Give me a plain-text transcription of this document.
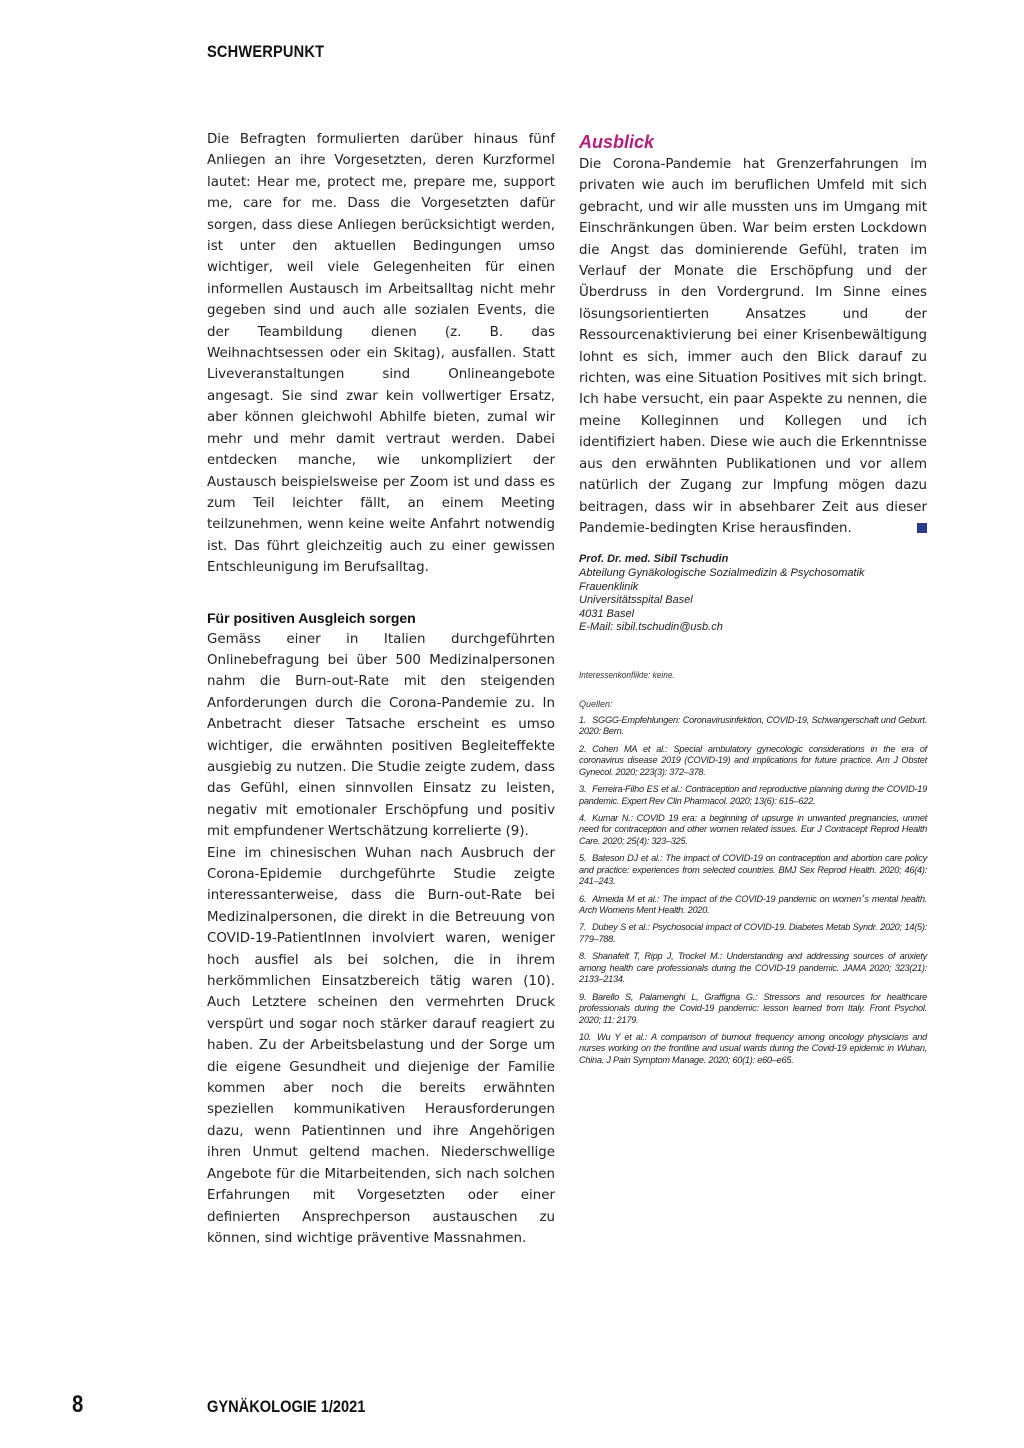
SCHWERPUNKT

Die Befragten formulierten darüber hinaus fünf Anliegen an ihre Vorgesetzten, deren Kurzformel lautet: Hear me, protect me, prepare me, support me, care for me. Dass die Vorgesetzten dafür sorgen, dass diese Anliegen berücksichtigt werden, ist unter den aktuellen Bedingungen umso wichtiger, weil viele Gelegenheiten für einen informellen Austausch im Arbeitsalltag nicht mehr gegeben sind und auch alle sozialen Events, die der Teambildung dienen (z. B. das Weihnachtsessen oder ein Skitag), ausfallen. Statt Liveveranstaltungen sind Onlineangebote angesagt. Sie sind zwar kein vollwertiger Ersatz, aber können gleichwohl Abhilfe bieten, zumal wir mehr und mehr damit vertraut werden. Dabei entdecken manche, wie unkompliziert der Austausch beispielsweise per Zoom ist und dass es zum Teil leichter fällt, an einem Meeting teilzunehmen, wenn keine weite Anfahrt notwendig ist. Das führt gleichzeitig auch zu einer gewissen Entschleunigung im Berufsalltag.

Für positiven Ausgleich sorgen

Gemäss einer in Italien durchgeführten Onlinebefragung bei über 500 Medizinalpersonen nahm die Burn-out-Rate mit den steigenden Anforderungen durch die Corona-Pandemie zu. In Anbetracht dieser Tatsache erscheint es umso wichtiger, die erwähnten positiven Begleiteffekte ausgiebig zu nutzen. Die Studie zeigte zudem, dass das Gefühl, einen sinnvollen Einsatz zu leisten, negativ mit emotionaler Erschöpfung und positiv mit empfundener Wertschätzung korrelierte (9).

Eine im chinesischen Wuhan nach Ausbruch der Corona-Epidemie durchgeführte Studie zeigte interessanterweise, dass die Burn-out-Rate bei Medizinalpersonen, die direkt in die Betreuung von COVID-19-PatientInnen involviert waren, weniger hoch ausfiel als bei solchen, die in ihrem herkömmlichen Einsatzbereich tätig waren (10). Auch Letztere scheinen den vermehrten Druck verspürt und sogar noch stärker darauf reagiert zu haben. Zu der Arbeitsbelastung und der Sorge um die eigene Gesundheit und diejenige der Familie kommen aber noch die bereits erwähnten speziellen kommunikativen Herausforderungen dazu, wenn Patientinnen und ihre Angehörigen ihren Unmut geltend machen. Niederschwellige Angebote für die Mitarbeitenden, sich nach solchen Erfahrungen mit Vorgesetzten oder einer definierten Ansprechperson austauschen zu können, sind wichtige präventive Massnahmen.

Ausblick

Die Corona-Pandemie hat Grenzerfahrungen im privaten wie auch im beruflichen Umfeld mit sich gebracht, und wir alle mussten uns im Umgang mit Einschränkungen üben. War beim ersten Lockdown die Angst das dominierende Gefühl, traten im Verlauf der Monate die Erschöpfung und der Überdruss in den Vordergrund. Im Sinne eines lösungsorientierten Ansatzes und der Ressourcenaktivierung bei einer Krisenbewältigung lohnt es sich, immer auch den Blick darauf zu richten, was eine Situation Positives mit sich bringt. Ich habe versucht, ein paar Aspekte zu nennen, die meine Kolleginnen und Kollegen und ich identifiziert haben. Diese wie auch die Erkenntnisse aus den erwähnten Publikationen und vor allem natürlich der Zugang zur Impfung mögen dazu beitragen, dass wir in absehbarer Zeit aus dieser Pandemie-bedingten Krise herausfinden.

Prof. Dr. med. Sibil Tschudin
Abteilung Gynäkologische Sozialmedizin & Psychosomatik
Frauenklinik
Universitätsspital Basel
4031 Basel
E-Mail: sibil.tschudin@usb.ch
Interessenkonflikte: keine.
Quellen:
1. SGGG-Empfehlungen: Coronavirusinfektion, COVID-19, Schwangerschaft und Geburt. 2020: Bern.
2. Cohen MA et al.: Special ambulatory gynecologic considerations in the era of coronavirus disease 2019 (COVID-19) and implications for future practice. Am J Obstet Gynecol. 2020; 223(3): 372–378.
3. Ferreira-Filho ES et al.: Contraception and reproductive planning during the COVID-19 pandemic. Expert Rev Clin Pharmacol. 2020; 13(6): 615–622.
4. Kumar N.: COVID 19 era: a beginning of upsurge in unwanted pregnancies, unmet need for contraception and other women related issues. Eur J Contracept Reprod Health Care. 2020; 25(4): 323–325.
5. Bateson DJ et al.: The impact of COVID-19 on contraception and abortion care policy and practice: experiences from selected countries. BMJ Sex Reprod Health. 2020; 46(4): 241–243.
6. Almeida M et al.: The impact of the COVID-19 pandemic on women׳s mental health. Arch Womens Ment Health. 2020.
7. Dubey S et al.: Psychosocial impact of COVID-19. Diabetes Metab Syndr. 2020; 14(5): 779–788.
8. Shanafelt T, Ripp J, Trockel M.: Understanding and addressing sources of anxiety among health care professionals during the COVID-19 pandemic. JAMA 2020; 323(21): 2133–2134.
9. Barello S, Palamenghi L, Graffigna G.: Stressors and resources for healthcare professionals during the Covid-19 pandemic: lesson learned from Italy. Front Psychol. 2020; 11: 2179.
10. Wu Y et al.: A comparison of burnout frequency among oncology physicians and nurses working on the frontline and usual wards during the Covid-19 epidemic in Wuhan, China. J Pain Symptom Manage. 2020; 60(1): e60–e65.
8	GYNÄKOLOGIE 1/2021
